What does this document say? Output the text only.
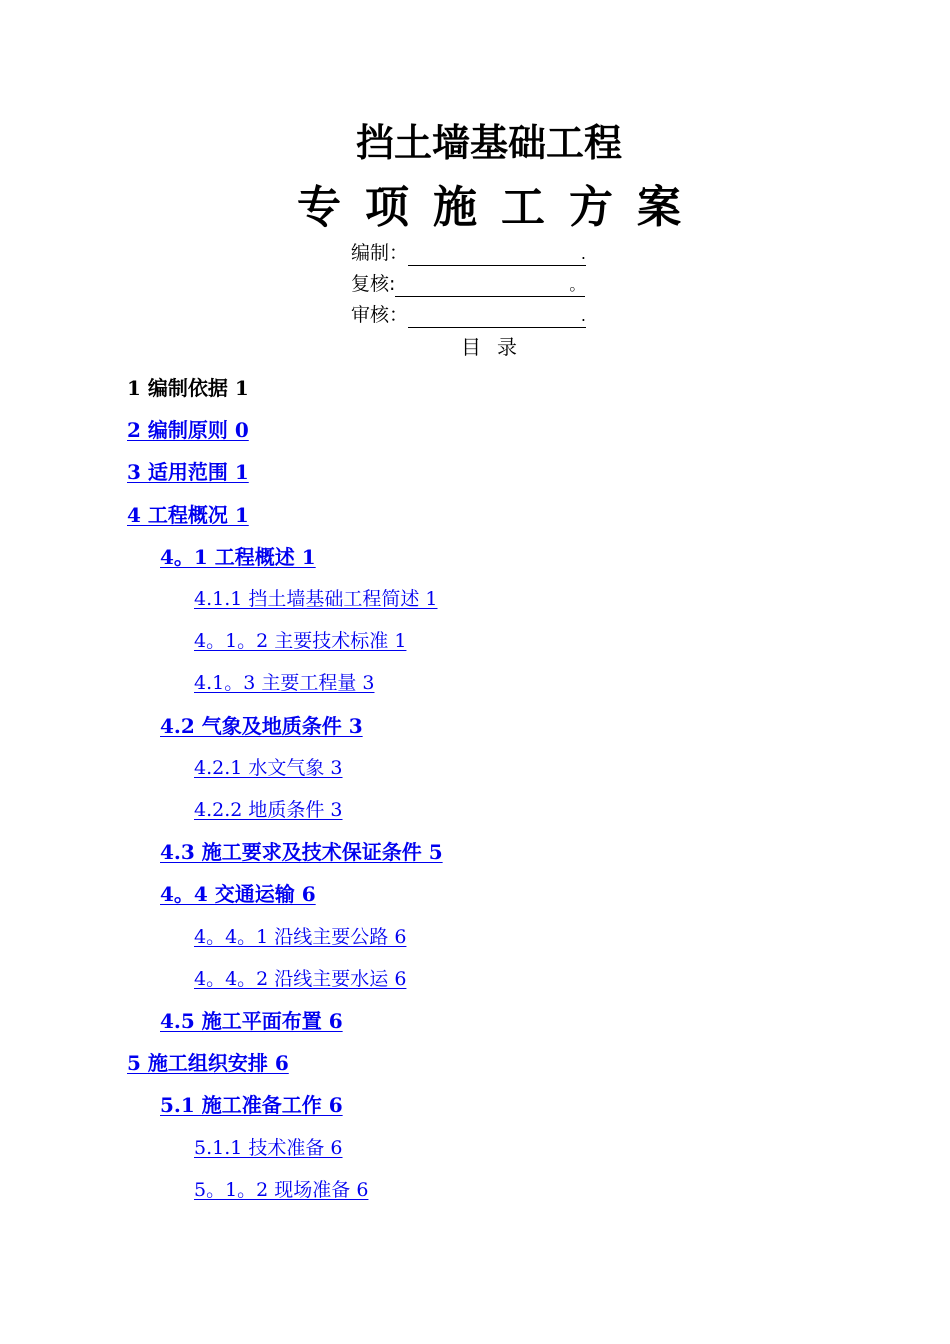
挡土墙基础工程
专 项 施 工 方 案
编制：	.
复核:	。
审核：	.
目 录
1 编制依据 1
2 编制原则 0
3 适用范围 1
4 工程概况 1
4。1 工程概述 1
4.1.1 挡土墙基础工程简述 1
4。1。2 主要技术标准 1
4.1。3 主要工程量 3
4.2 气象及地质条件 3
4.2.1 水文气象 3
4.2.2 地质条件 3
4.3 施工要求及技术保证条件 5
4。4 交通运输 6
4。4。1 沿线主要公路 6
4。4。2 沿线主要水运 6
4.5 施工平面布置 6
5 施工组织安排 6
5.1 施工准备工作 6
5.1.1 技术准备 6
5。1。2 现场准备 6
